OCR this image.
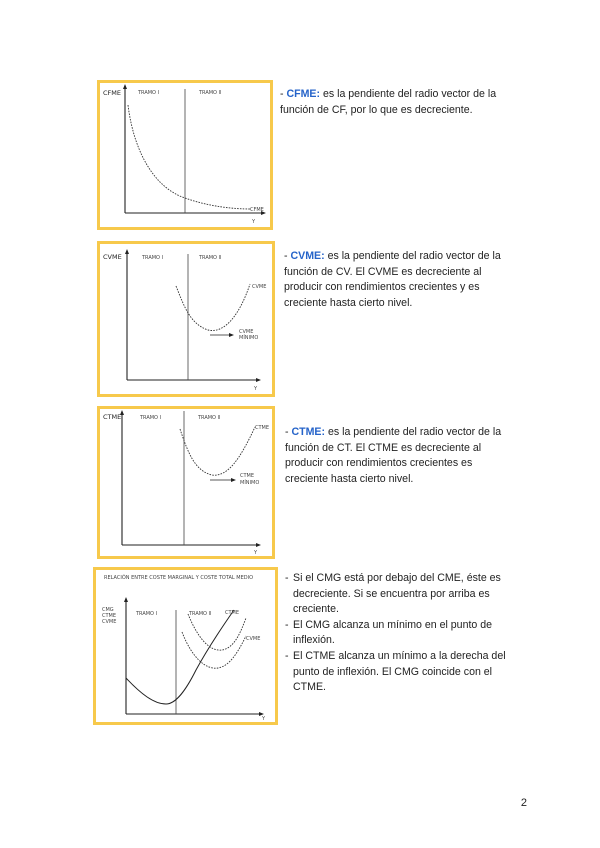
CFME	TRAMO I	TRAMO II
CFME
Y
- CFME: es la pendiente del radio vector de la función de CF, por lo que es decreciente.
CVME	TRAMO I	TRAMO II
CVME
CVME
MÍNIMO
Y
- CVME: es la pendiente del radio vector de la función de CV. El CVME es decreciente al producir con rendimientos crecientes y es creciente hasta cierto nivel.
CTME	TRAMO I	TRAMO II
CTME
CTME
MÍNIMO
Y
- CTME: es la pendiente del radio vector de la función de CT. El CTME es decreciente al producir con rendimientos crecientes es creciente hasta cierto nivel.
RELACIÓN ENTRE COSTE MARGINAL Y COSTE TOTAL MEDIO
CMG
CTME
CVME
TRAMO I	TRAMO II	CTME
CVME
Y
- Si el CMG está por debajo del CME, éste es decreciente. Si se encuentra por arriba es creciente.
- El CMG alcanza un mínimo en el punto de inflexión.
- El CTME alcanza un mínimo a la derecha del punto de inflexión. El CMG coincide con el CTME.
2
